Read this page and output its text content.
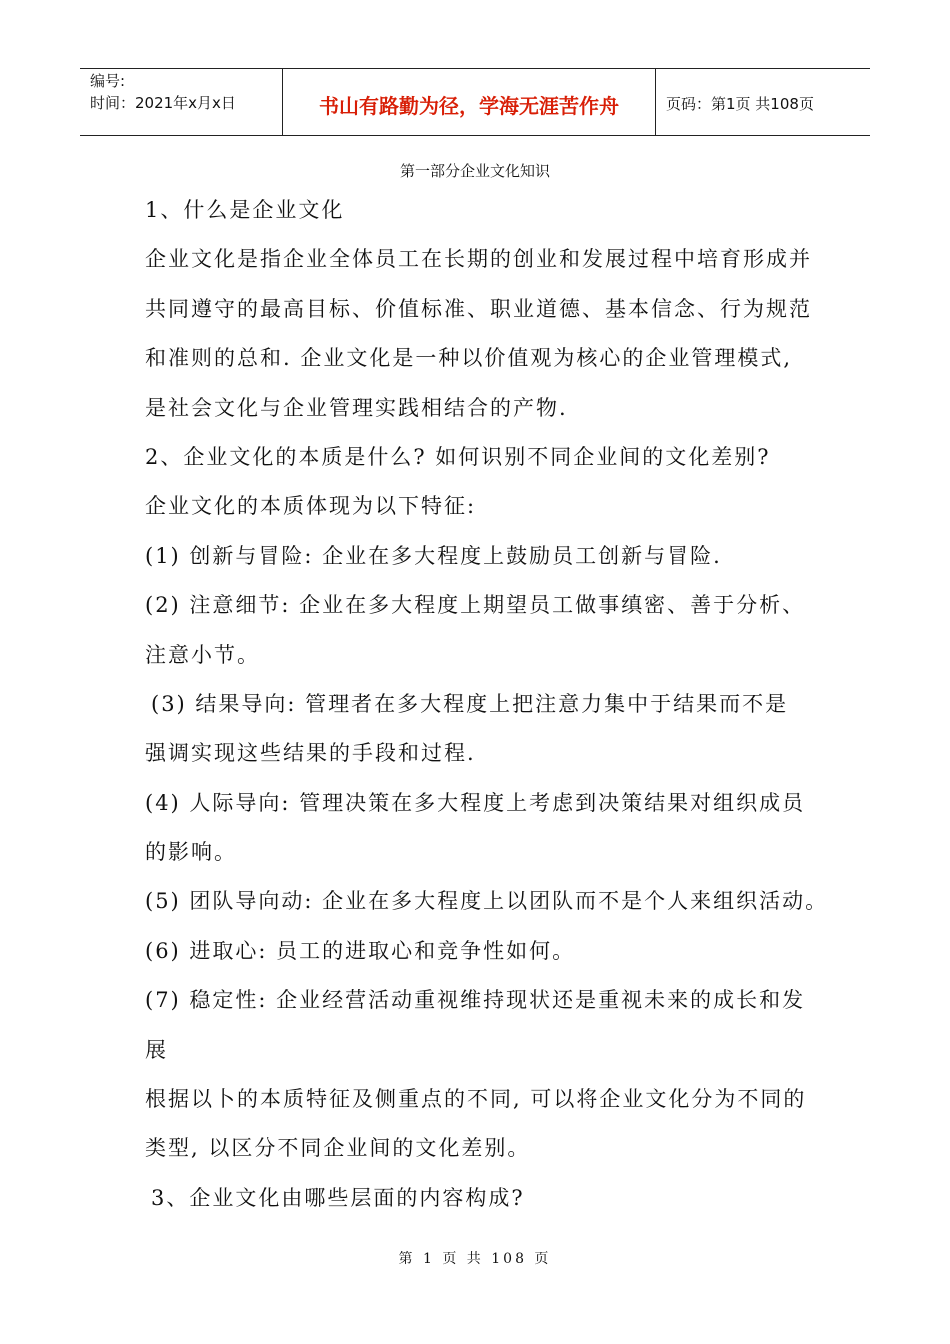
编号:
时间：2021年x月x日	书山有路勤为径，学海无涯苦作舟	页码：第1页 共108页
第一部分企业文化知识
1、什么是企业文化
企业文化是指企业全体员工在长期的创业和发展过程中培育形成并
共同遵守的最高目标、价值标准、职业道德、基本信念、行为规范
和准则的总和. 企业文化是一种以价值观为核心的企业管理模式,
是社会文化与企业管理实践相结合的产物.
2、企业文化的本质是什么? 如何识别不同企业间的文化差别?
企业文化的本质体现为以下特征:
(1) 创新与冒险: 企业在多大程度上鼓励员工创新与冒险.
(2) 注意细节: 企业在多大程度上期望员工做事缜密、善于分析、
注意小节。
(3) 结果导向: 管理者在多大程度上把注意力集中于结果而不是
强调实现这些结果的手段和过程.
(4) 人际导向: 管理决策在多大程度上考虑到决策结果对组织成员
的影响。
(5) 团队导向动: 企业在多大程度上以团队而不是个人来组织活动。
(6) 进取心: 员工的进取心和竞争性如何。
(7) 稳定性: 企业经营活动重视维持现状还是重视未来的成长和发
展
根据以卜的本质特征及侧重点的不同, 可以将企业文化分为不同的
类型, 以区分不同企业间的文化差别。
3、企业文化由哪些层面的内容构成?
第 1 页 共 108 页
